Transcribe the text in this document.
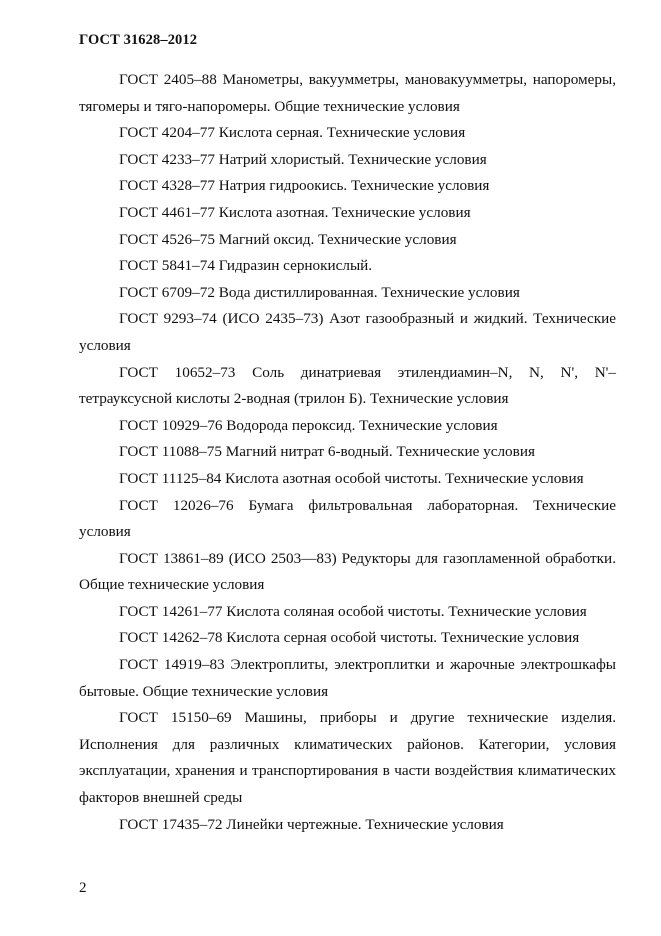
ГОСТ 31628–2012

ГОСТ 2405–88 Манометры, вакуумметры, мановакуумметры, напоромеры, тягомеры и тяго-напоромеры. Общие технические условия

ГОСТ 4204–77 Кислота серная. Технические условия

ГОСТ 4233–77 Натрий хлористый. Технические условия

ГОСТ 4328–77 Натрия гидроокись. Технические условия

ГОСТ 4461–77 Кислота азотная. Технические условия

ГОСТ 4526–75 Магний оксид. Технические условия

ГОСТ 5841–74 Гидразин сернокислый.

ГОСТ 6709–72 Вода дистиллированная. Технические условия

ГОСТ 9293–74 (ИСО 2435–73) Азот газообразный и жидкий. Технические условия

ГОСТ 10652–73 Соль динатриевая этилендиамин–N, N, N', N'–тетрауксусной кислоты 2-водная (трилон Б). Технические условия

ГОСТ 10929–76 Водорода пероксид. Технические условия

ГОСТ 11088–75 Магний нитрат 6-водный. Технические условия

ГОСТ 11125–84 Кислота азотная особой чистоты. Технические условия

ГОСТ 12026–76 Бумага фильтровальная лабораторная. Технические условия

ГОСТ 13861–89 (ИСО 2503—83) Редукторы для газопламенной обработки. Общие технические условия

ГОСТ 14261–77 Кислота соляная особой чистоты. Технические условия

ГОСТ 14262–78 Кислота серная особой чистоты. Технические условия

ГОСТ 14919–83 Электроплиты, электроплитки и жарочные электрошкафы бытовые. Общие технические условия

ГОСТ 15150–69 Машины, приборы и другие технические изделия. Исполнения для различных климатических районов. Категории, условия эксплуатации, хранения и транспортирования в части воздействия климатических факторов внешней среды

ГОСТ 17435–72 Линейки чертежные. Технические условия

2
